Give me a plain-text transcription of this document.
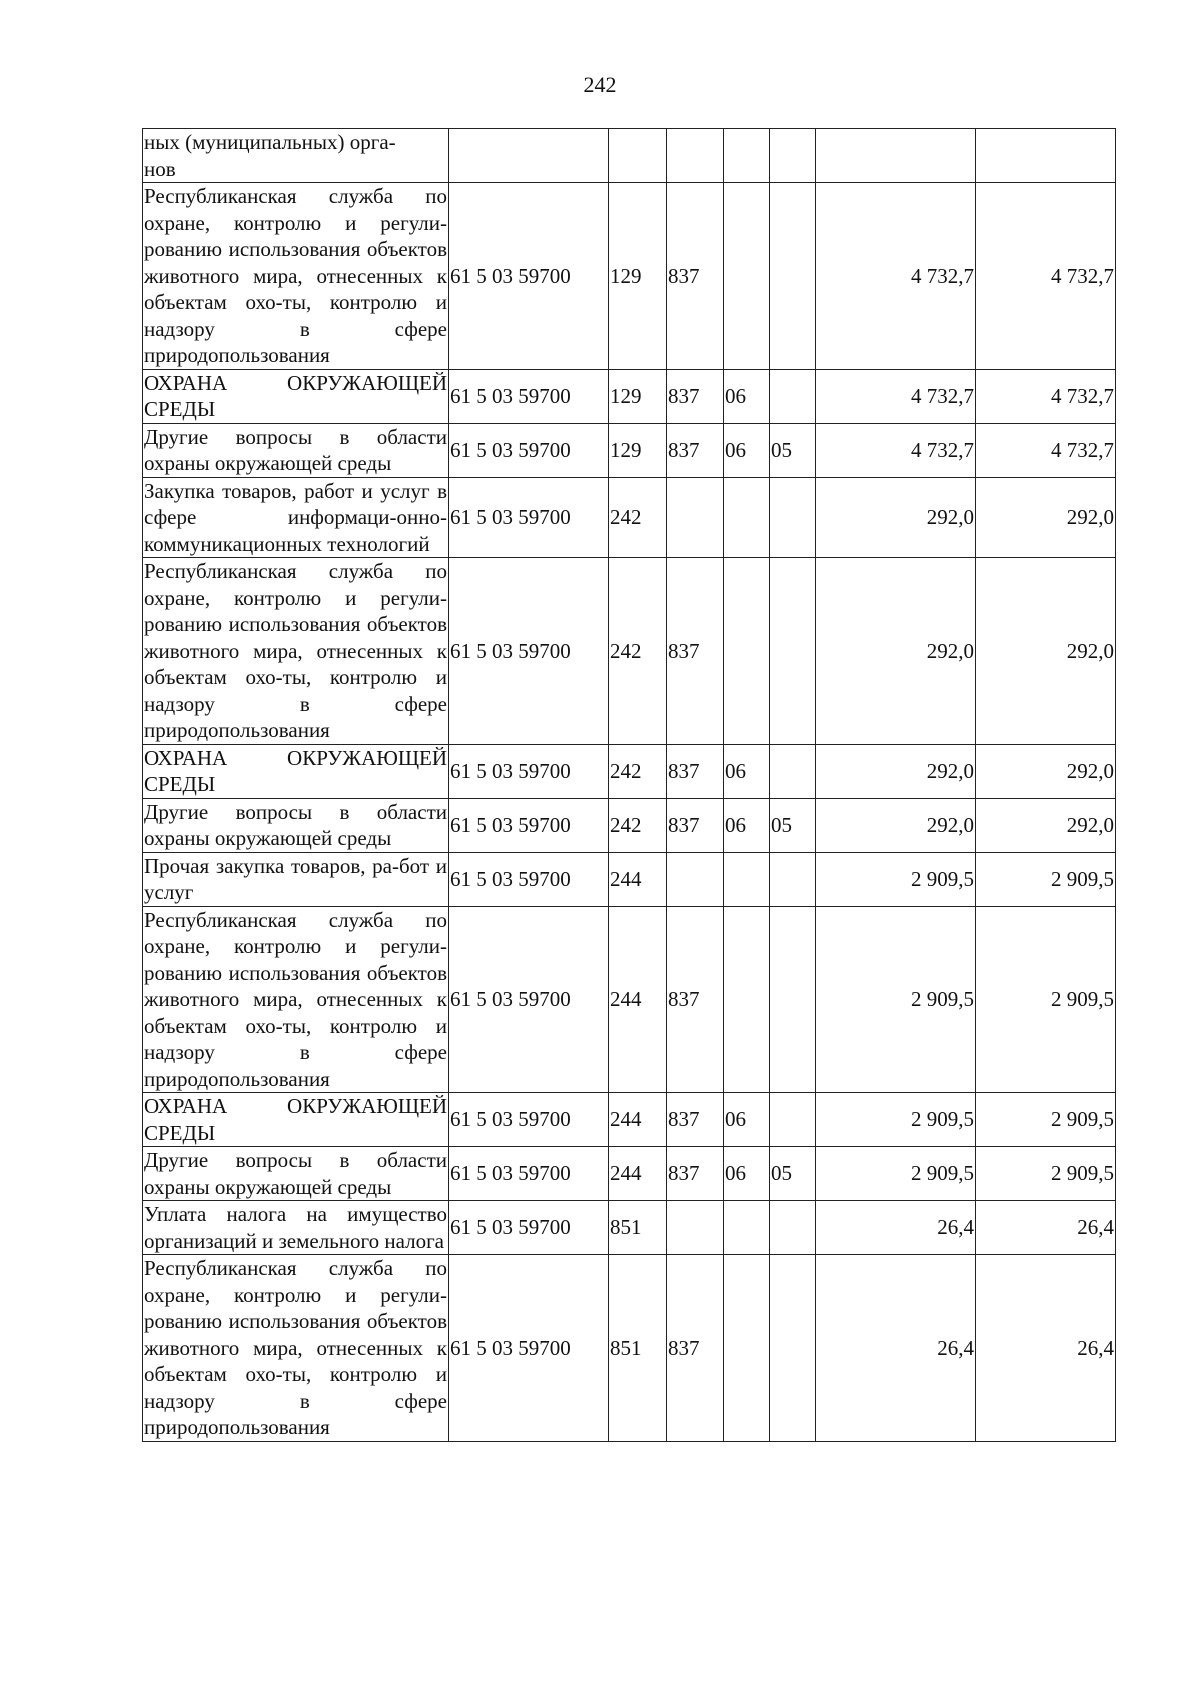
242
ных (муниципальных) орга-
нов							
Республиканская служба по охране, контролю и регули-рованию использования объектов животного мира, отнесенных к объектам охо-ты, контролю и надзору в сфере природопользования	61 5 03 59700	129	837			4 732,7	4 732,7
ОХРАНА ОКРУЖАЮЩЕЙ СРЕДЫ	61 5 03 59700	129	837	06		4 732,7	4 732,7
Другие вопросы в области охраны окружающей среды	61 5 03 59700	129	837	06	05	4 732,7	4 732,7
Закупка товаров, работ и услуг в сфере информаци-онно-коммуникационных технологий	61 5 03 59700	242				292,0	292,0
Республиканская служба по охране, контролю и регули-рованию использования объектов животного мира, отнесенных к объектам охо-ты, контролю и надзору в сфере природопользования	61 5 03 59700	242	837			292,0	292,0
ОХРАНА ОКРУЖАЮЩЕЙ СРЕДЫ	61 5 03 59700	242	837	06		292,0	292,0
Другие вопросы в области охраны окружающей среды	61 5 03 59700	242	837	06	05	292,0	292,0
Прочая закупка товаров, ра-бот и услуг	61 5 03 59700	244				2 909,5	2 909,5
Республиканская служба по охране, контролю и регули-рованию использования объектов животного мира, отнесенных к объектам охо-ты, контролю и надзору в сфере природопользования	61 5 03 59700	244	837			2 909,5	2 909,5
ОХРАНА ОКРУЖАЮЩЕЙ СРЕДЫ	61 5 03 59700	244	837	06		2 909,5	2 909,5
Другие вопросы в области охраны окружающей среды	61 5 03 59700	244	837	06	05	2 909,5	2 909,5
Уплата налога на имущество организаций и земельного налога	61 5 03 59700	851				26,4	26,4
Республиканская служба по охране, контролю и регули-рованию использования объектов животного мира, отнесенных к объектам охо-ты, контролю и надзору в сфере природопользования	61 5 03 59700	851	837			26,4	26,4
